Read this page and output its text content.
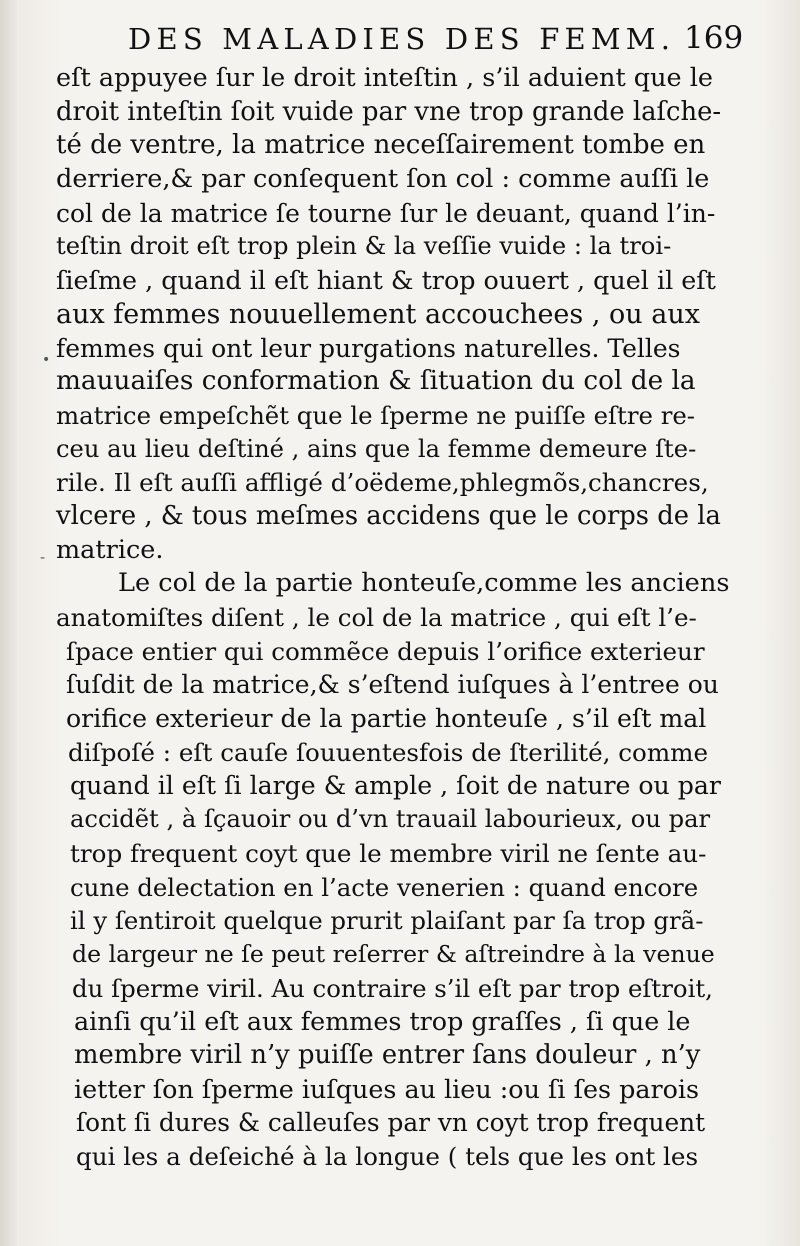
DES MALADIES DES FEMM. 169
eſt appuyee ſur le droit inteſtin , s’il aduient que le
droit inteſtin ſoit vuide par vne trop grande laſche-
té de ventre, la matrice neceſſairement tombe en
derriere,& par conſequent ſon col : comme auſſi le
col de la matrice ſe tourne ſur le deuant, quand l’in-
teſtin droit eſt trop plein & la veſſie vuide : la troi-
ſieſme , quand il eſt hiant & trop ouuert , quel il eſt
aux femmes nouuellement accouchees , ou aux
femmes qui ont leur purgations naturelles. Telles
mauuaiſes conformation & ſituation du col de la
matrice empeſchẽt que le ſperme ne puiſſe eſtre re-
ceu au lieu deſtiné , ains que la femme demeure ſte-
rile. Il eſt auſſi affligé d’oëdeme,phlegmõs,chancres,
vlcere , & tous meſmes accidens que le corps de la
matrice.
Le col de la partie honteuſe,comme les anciens
anatomiſtes diſent , le col de la matrice , qui eſt l’e-
ſpace entier qui commẽce depuis l’orifice exterieur
ſuſdit de la matrice,& s’eſtend iuſques à l’entree ou
orifice exterieur de la partie honteuſe , s’il eſt mal
diſpoſé : eſt cauſe ſouuentesfois de ſterilité, comme
quand il eſt ſi large & ample , ſoit de nature ou par
accidẽt , à ſçauoir ou d’vn trauail labourieux, ou par
trop frequent coyt que le membre viril ne ſente au-
cune delectation en l’acte venerien : quand encore
il y ſentiroit quelque prurit plaiſant par ſa trop grã-
de largeur ne ſe peut reſerrer & aſtreindre à la venue
du ſperme viril. Au contraire s’il eſt par trop eſtroit,
ainſi qu’il eſt aux femmes trop graſſes , ſi que le
membre viril n’y puiſſe entrer ſans douleur , n’y
ietter ſon ſperme iuſques au lieu :ou ſi ſes parois
ſont ſi dures & calleuſes par vn coyt trop frequent
qui les a deſeiché à la longue ( tels que les ont les
•
-
